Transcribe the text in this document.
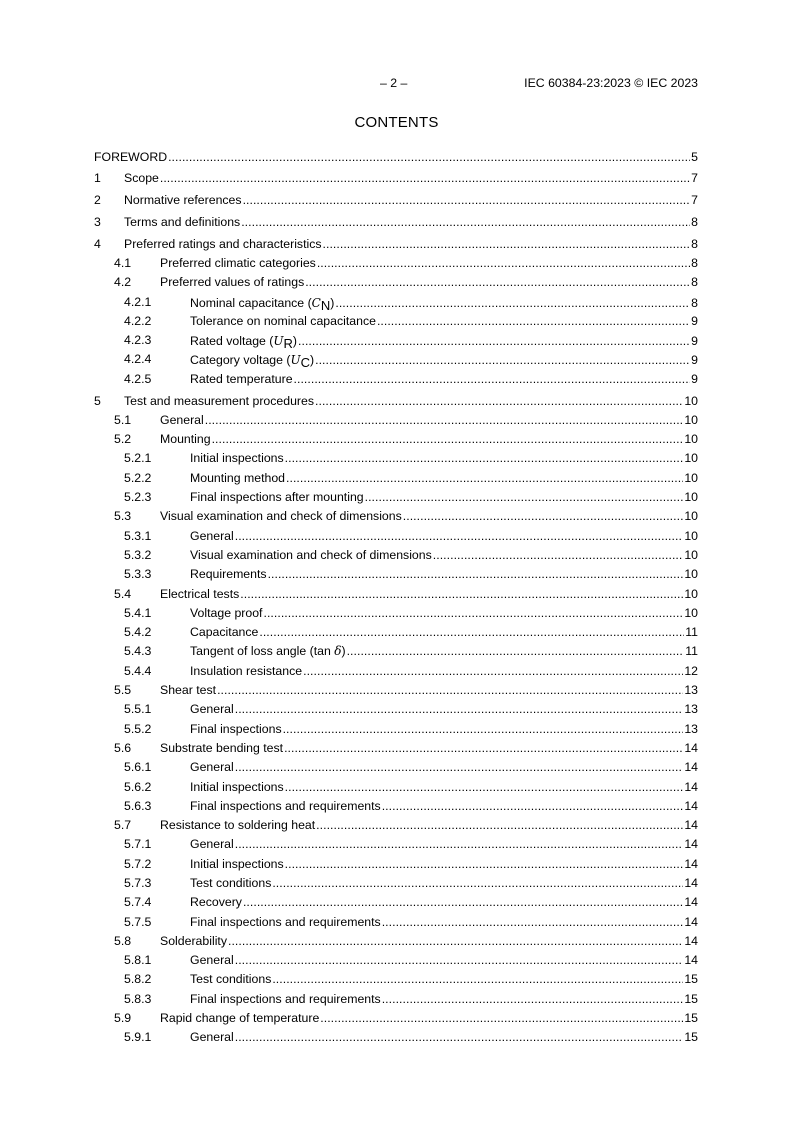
– 2 –	IEC 60384-23:2023 © IEC 2023
CONTENTS
FOREWORD .....	5
1 Scope .....	7
2 Normative references .....	7
3 Terms and definitions .....	8
4 Preferred ratings and characteristics .....	8
4.1 Preferred climatic categories .....	8
4.2 Preferred values of ratings .....	8
4.2.1	Nominal capacitance (CN) .....	8
4.2.2	Tolerance on nominal capacitance .....	9
4.2.3	Rated voltage (UR) .....	9
4.2.4	Category voltage (UC) .....	9
4.2.5	Rated temperature .....	9
5 Test and measurement procedures .....	10
5.1 General .....	10
5.2 Mounting .....	10
5.2.1	Initial inspections .....	10
5.2.2	Mounting method .....	10
5.2.3	Final inspections after mounting .....	10
5.3 Visual examination and check of dimensions .....	10
5.3.1	General .....	10
5.3.2	Visual examination and check of dimensions .....	10
5.3.3	Requirements .....	10
5.4 Electrical tests .....	10
5.4.1	Voltage proof .....	10
5.4.2	Capacitance .....	11
5.4.3	Tangent of loss angle (tan δ) .....	11
5.4.4	Insulation resistance .....	12
5.5 Shear test .....	13
5.5.1	General .....	13
5.5.2	Final inspections .....	13
5.6 Substrate bending test .....	14
5.6.1	General .....	14
5.6.2	Initial inspections .....	14
5.6.3	Final inspections and requirements .....	14
5.7 Resistance to soldering heat .....	14
5.7.1	General .....	14
5.7.2	Initial inspections .....	14
5.7.3	Test conditions .....	14
5.7.4	Recovery .....	14
5.7.5	Final inspections and requirements .....	14
5.8 Solderability .....	14
5.8.1	General .....	14
5.8.2	Test conditions .....	15
5.8.3	Final inspections and requirements .....	15
5.9 Rapid change of temperature .....	15
5.9.1	General .....	15
